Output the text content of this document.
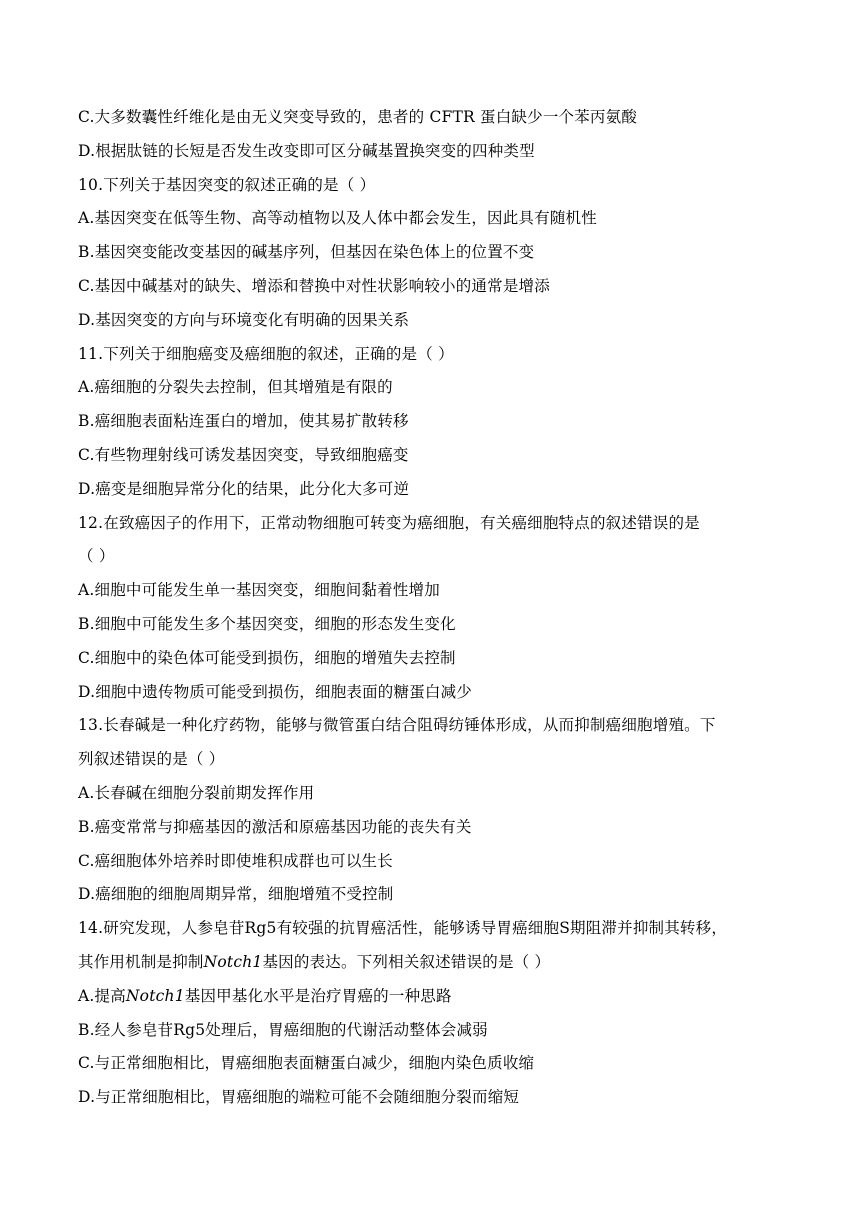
C.大多数囊性纤维化是由无义突变导致的，患者的 CFTR 蛋白缺少一个苯丙氨酸
D.根据肽链的长短是否发生改变即可区分碱基置换突变的四种类型
10.下列关于基因突变的叙述正确的是（ ）
A.基因突变在低等生物、高等动植物以及人体中都会发生，因此具有随机性
B.基因突变能改变基因的碱基序列，但基因在染色体上的位置不变
C.基因中碱基对的缺失、增添和替换中对性状影响较小的通常是增添
D.基因突变的方向与环境变化有明确的因果关系
11.下列关于细胞癌变及癌细胞的叙述，正确的是（ ）
A.癌细胞的分裂失去控制，但其增殖是有限的
B.癌细胞表面粘连蛋白的增加，使其易扩散转移
C.有些物理射线可诱发基因突变，导致细胞癌变
D.癌变是细胞异常分化的结果，此分化大多可逆
12.在致癌因子的作用下，正常动物细胞可转变为癌细胞，有关癌细胞特点的叙述错误的是
（ ）
A.细胞中可能发生单一基因突变，细胞间黏着性增加
B.细胞中可能发生多个基因突变，细胞的形态发生变化
C.细胞中的染色体可能受到损伤，细胞的增殖失去控制
D.细胞中遗传物质可能受到损伤，细胞表面的糖蛋白减少
13.长春碱是一种化疗药物，能够与微管蛋白结合阻碍纺锤体形成，从而抑制癌细胞增殖。下
列叙述错误的是（ ）
A.长春碱在细胞分裂前期发挥作用
B.癌变常常与抑癌基因的激活和原癌基因功能的丧失有关
C.癌细胞体外培养时即使堆积成群也可以生长
D.癌细胞的细胞周期异常，细胞增殖不受控制
14.研究发现，人参皂苷Rg5有较强的抗胃癌活性，能够诱导胃癌细胞S期阻滞并抑制其转移，
其作用机制是抑制Notch1基因的表达。下列相关叙述错误的是（ ）
A.提高Notch1基因甲基化水平是治疗胃癌的一种思路
B.经人参皂苷Rg5处理后，胃癌细胞的代谢活动整体会减弱
C.与正常细胞相比，胃癌细胞表面糖蛋白减少，细胞内染色质收缩
D.与正常细胞相比，胃癌细胞的端粒可能不会随细胞分裂而缩短
